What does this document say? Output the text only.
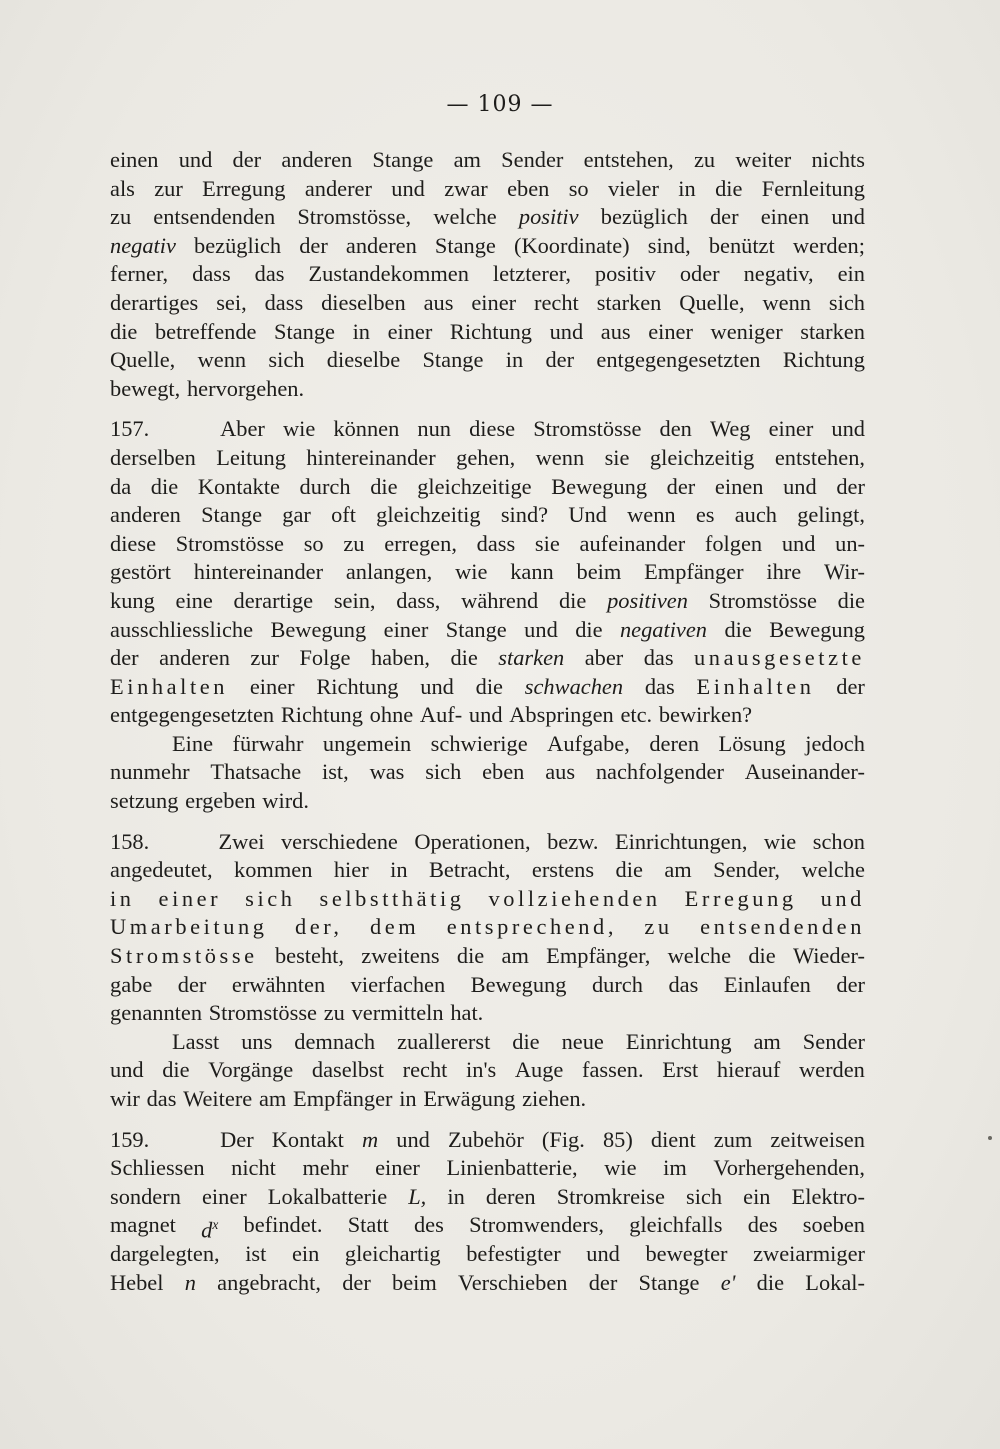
— 109 —
einen und der anderen Stange am Sender entstehen, zu weiter nichts
als zur Erregung anderer und zwar eben so vieler in die Fernleitung
zu entsendenden Stromstösse, welche positiv bezüglich der einen und
negativ bezüglich der anderen Stange (Koordinate) sind, benützt werden;
ferner, dass das Zustandekommen letzterer, positiv oder negativ, ein
derartiges sei, dass dieselben aus einer recht starken Quelle, wenn sich
die betreffende Stange in einer Richtung und aus einer weniger starken
Quelle, wenn sich dieselbe Stange in der entgegengesetzten Richtung
bewegt, hervorgehen.
157.	Aber wie können nun diese Stromstösse den Weg einer und
derselben Leitung hintereinander gehen, wenn sie gleichzeitig entstehen,
da die Kontakte durch die gleichzeitige Bewegung der einen und der
anderen Stange gar oft gleichzeitig sind? Und wenn es auch gelingt,
diese Stromstösse so zu erregen, dass sie aufeinander folgen und un-
gestört hintereinander anlangen, wie kann beim Empfänger ihre Wir-
kung eine derartige sein, dass, während die positiven Stromstösse die
ausschliessliche Bewegung einer Stange und die negativen die Bewegung
der anderen zur Folge haben, die starken aber das unausgesetzte
Einhalten einer Richtung und die schwachen das Einhalten der
entgegengesetzten Richtung ohne Auf- und Abspringen etc. bewirken?
Eine fürwahr ungemein schwierige Aufgabe, deren Lösung jedoch
nunmehr Thatsache ist, was sich eben aus nachfolgender Auseinander-
setzung ergeben wird.
158.	Zwei verschiedene Operationen, bezw. Einrichtungen, wie schon
angedeutet, kommen hier in Betracht, erstens die am Sender, welche
in einer sich selbstthätig vollziehenden Erregung und
Umarbeitung der, dem entsprechend, zu entsendenden
Stromstösse besteht, zweitens die am Empfänger, welche die Wieder-
gabe der erwähnten vierfachen Bewegung durch das Einlaufen der
genannten Stromstösse zu vermitteln hat.
Lasst uns demnach zuallererst die neue Einrichtung am Sender
und die Vorgänge daselbst recht in's Auge fassen. Erst hierauf werden
wir das Weitere am Empfänger in Erwägung ziehen.
159.	Der Kontakt m und Zubehör (Fig. 85) dient zum zeitweisen
Schliessen nicht mehr einer Linienbatterie, wie im Vorhergehenden,
sondern einer Lokalbatterie L, in deren Stromkreise sich ein Elektro-
magnet $d^x$ befindet. Statt des Stromwenders, gleichfalls des soeben
dargelegten, ist ein gleichartig befestigter und bewegter zweiarmiger
Hebel n angebracht, der beim Verschieben der Stange e' die Lokal-
